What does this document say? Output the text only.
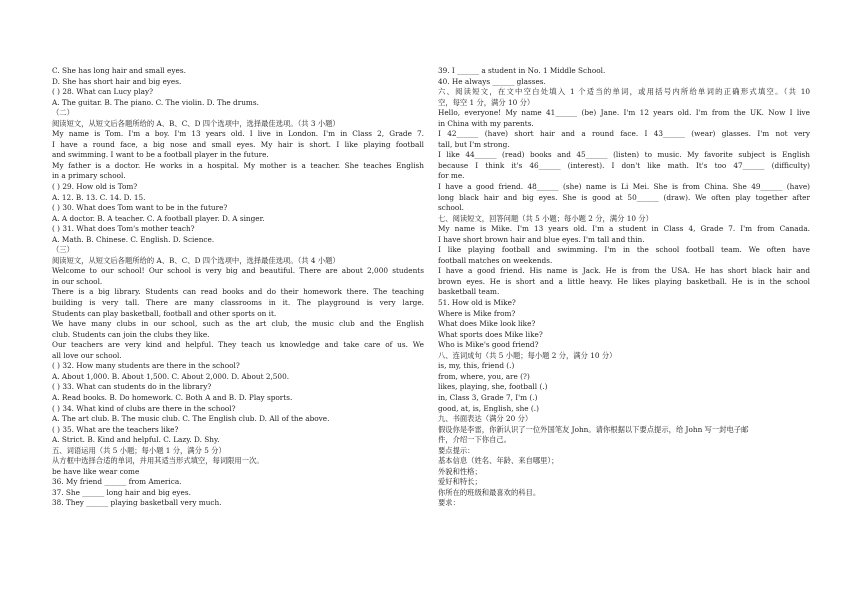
C. She has long hair and small eyes.
D. She has short hair and big eyes.
( ) 28. What can Lucy play?
A. The guitar. B. The piano. C. The violin. D. The drums.
（二）
阅读短文，从短文后各题所给的 A、B、C、D 四个选项中，选择最佳选项。（共 3 小题）
My name is Tom. I'm a boy. I'm 13 years old. I live in London. I'm in Class 2, Grade 7.
I have a round face, a big nose and small eyes. My hair is short. I like playing football
and swimming. I want to be a football player in the future.
My father is a doctor. He works in a hospital. My mother is a teacher. She teaches English
in a primary school.
( ) 29. How old is Tom?
A. 12. B. 13. C. 14. D. 15.
( ) 30. What does Tom want to be in the future?
A. A doctor. B. A teacher. C. A football player. D. A singer.
( ) 31. What does Tom's mother teach?
A. Math. B. Chinese. C. English. D. Science.
（三）
阅读短文，从短文后各题所给的 A、B、C、D 四个选项中，选择最佳选项。（共 4 小题）
Welcome to our school! Our school is very big and beautiful. There are about 2,000 students
in our school.
There is a big library. Students can read books and do their homework there. The teaching
building is very tall. There are many classrooms in it. The playground is very large.
Students can play basketball, football and other sports on it.
We have many clubs in our school, such as the art club, the music club and the English
club. Students can join the clubs they like.
Our teachers are very kind and helpful. They teach us knowledge and take care of us. We
all love our school.
( ) 32. How many students are there in the school?
A. About 1,000. B. About 1,500. C. About 2,000. D. About 2,500.
( ) 33. What can students do in the library?
A. Read books. B. Do homework. C. Both A and B. D. Play sports.
( ) 34. What kind of clubs are there in the school?
A. The art club. B. The music club. C. The English club. D. All of the above.
( ) 35. What are the teachers like?
A. Strict. B. Kind and helpful. C. Lazy. D. Shy.
五、词语运用（共 5 小题；每小题 1 分，满分 5 分）
从方框中选择合适的单词，并用其适当形式填空，每词限用一次。
be have like wear come
36. My friend ______ from America.
37. She ______ long hair and big eyes.
38. They ______ playing basketball very much.
39. I ______ a student in No. 1 Middle School.
40. He always ______ glasses.
六、阅读短文，在文中空白处填入 1 个适当的单词，或用括号内所给单词的正确形式填空。（共 10
空，每空 1 分，满分 10 分）
Hello, everyone! My name 41______ (be) Jane. I'm 12 years old. I'm from the UK. Now I live
in China with my parents.
I 42______ (have) short hair and a round face. I 43______ (wear) glasses. I'm not very
tall, but I'm strong.
I like 44______ (read) books and 45______ (listen) to music. My favorite subject is English
because I think it's 46______ (interest). I don't like math. It's too 47______ (difficulty)
for me.
I have a good friend. 48______ (she) name is Li Mei. She is from China. She 49______ (have)
long black hair and big eyes. She is good at 50______ (draw). We often play together after
school.
七、阅读短文，回答问题（共 5 小题；每小题 2 分，满分 10 分）
My name is Mike. I'm 13 years old. I'm a student in Class 4, Grade 7. I'm from Canada.
I have short brown hair and blue eyes. I'm tall and thin.
I like playing football and swimming. I'm in the school football team. We often have
football matches on weekends.
I have a good friend. His name is Jack. He is from the USA. He has short black hair and
brown eyes. He is short and a little heavy. He likes playing basketball. He is in the school
basketball team.
51. How old is Mike?
Where is Mike from?
What does Mike look like?
What sports does Mike like?
Who is Mike's good friend?
八、连词成句（共 5 小题；每小题 2 分，满分 10 分）
is, my, this, friend (.)
from, where, you, are (?)
likes, playing, she, football (.)
in, Class 3, Grade 7, I'm (.)
good, at, is, English, she (.)
九、书面表达（满分 20 分）
假设你是李雷，你新认识了一位外国笔友 John。请你根据以下要点提示，给 John 写一封电子邮
件，介绍一下你自己。
要点提示：
基本信息（姓名、年龄、来自哪里）；
外貌和性格；
爱好和特长；
你所在的班级和最喜欢的科目。
要求：
